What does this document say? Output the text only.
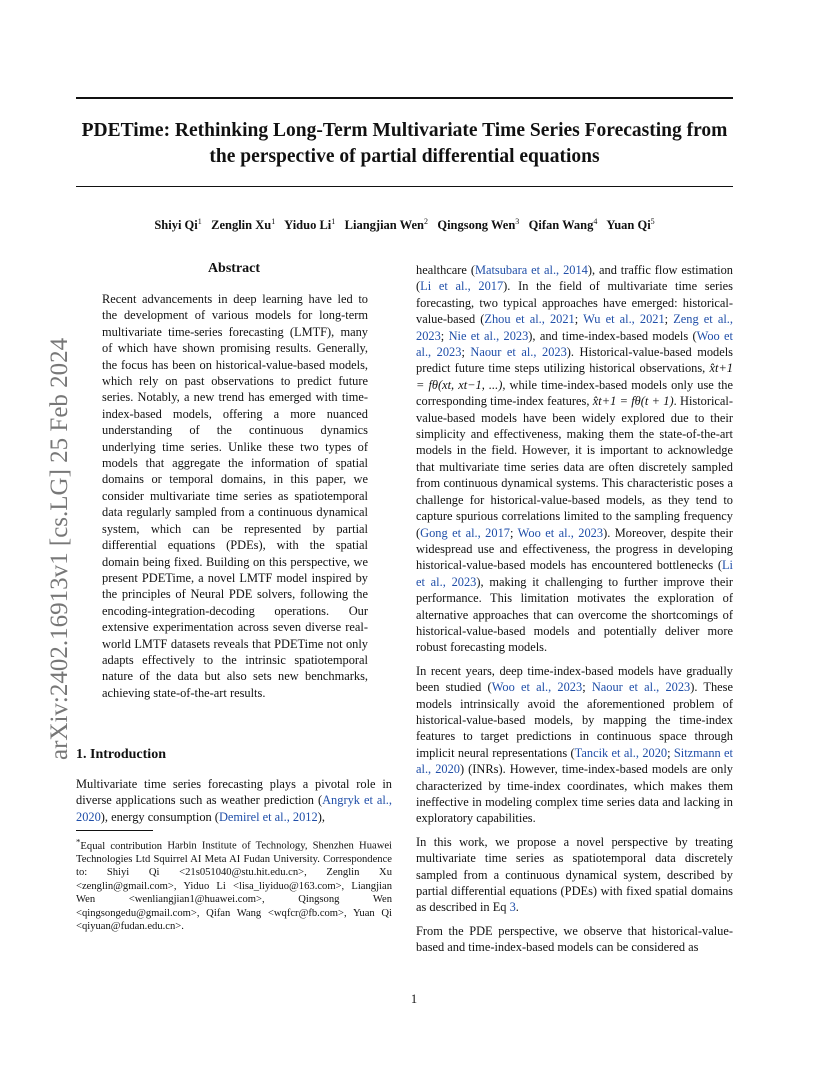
PDETime: Rethinking Long-Term Multivariate Time Series Forecasting from the perspective of partial differential equations
Shiyi Qi$^1$ Zenglin Xu$^1$ Yiduo Li$^1$ Liangjian Wen$^2$ Qingsong Wen$^3$ Qifan Wang$^4$ Yuan Qi$^5$
arXiv:2402.16913v1 [cs.LG] 25 Feb 2024
Abstract
Recent advancements in deep learning have led to the development of various models for long-term multivariate time-series forecasting (LMTF), many of which have shown promising results. Generally, the focus has been on historical-value-based models, which rely on past observations to predict future series. Notably, a new trend has emerged with time-index-based models, offering a more nuanced understanding of the continuous dynamics underlying time series. Unlike these two types of models that aggregate the information of spatial domains or temporal domains, in this paper, we consider multivariate time series as spatiotemporal data regularly sampled from a continuous dynamical system, which can be represented by partial differential equations (PDEs), with the spatial domain being fixed. Building on this perspective, we present PDETime, a novel LMTF model inspired by the principles of Neural PDE solvers, following the encoding-integration-decoding operations. Our extensive experimentation across seven diverse real-world LMTF datasets reveals that PDETime not only adapts effectively to the intrinsic spatiotemporal nature of the data but also sets new benchmarks, achieving state-of-the-art results.
1. Introduction
Multivariate time series forecasting plays a pivotal role in diverse applications such as weather prediction (Angryk et al., 2020), energy consumption (Demirel et al., 2012),
*Equal contribution Harbin Institute of Technology, Shenzhen Huawei Technologies Ltd Squirrel AI Meta AI Fudan University. Correspondence to: Shiyi Qi <21s051040@stu.hit.edu.cn>, Zenglin Xu <zenglin@gmail.com>, Yiduo Li <lisa_liyiduo@163.com>, Liangjian Wen <wenliangjian1@huawei.com>, Qingsong Wen <qingsongedu@gmail.com>, Qifan Wang <wqfcr@fb.com>, Yuan Qi <qiyuan@fudan.edu.cn>.

healthcare (Matsubara et al., 2014), and traffic flow estimation (Li et al., 2017). In the field of multivariate time series forecasting, two typical approaches have emerged: historical-value-based (Zhou et al., 2021; Wu et al., 2021; Zeng et al., 2023; Nie et al., 2023), and time-index-based models (Woo et al., 2023; Naour et al., 2023). Historical-value-based models predict future time steps utilizing historical observations, x̂t+1 = fθ(xt, xt−1, ...), while time-index-based models only use the corresponding time-index features, x̂t+1 = fθ(t + 1). Historical-value-based models have been widely explored due to their simplicity and effectiveness, making them the state-of-the-art models in the field. However, it is important to acknowledge that multivariate time series data are often discretely sampled from continuous dynamical systems. This characteristic poses a challenge for historical-value-based models, as they tend to capture spurious correlations limited to the sampling frequency (Gong et al., 2017; Woo et al., 2023). Moreover, despite their widespread use and effectiveness, the progress in developing historical-value-based models has encountered bottlenecks (Li et al., 2023), making it challenging to further improve their performance. This limitation motivates the exploration of alternative approaches that can overcome the shortcomings of historical-value-based models and potentially deliver more robust forecasting models.

In recent years, deep time-index-based models have gradually been studied (Woo et al., 2023; Naour et al., 2023). These models intrinsically avoid the aforementioned problem of historical-value-based models, by mapping the time-index features to target predictions in continuous space through implicit neural representations (Tancik et al., 2020; Sitzmann et al., 2020) (INRs). However, time-index-based models are only characterized by time-index coordinates, which makes them ineffective in modeling complex time series data and lacking in exploratory capabilities.

In this work, we propose a novel perspective by treating multivariate time series as spatiotemporal data discretely sampled from a continuous dynamical system, described by partial differential equations (PDEs) with fixed spatial domains as described in Eq 3.

From the PDE perspective, we observe that historical-value-based and time-index-based models can be considered as

1
